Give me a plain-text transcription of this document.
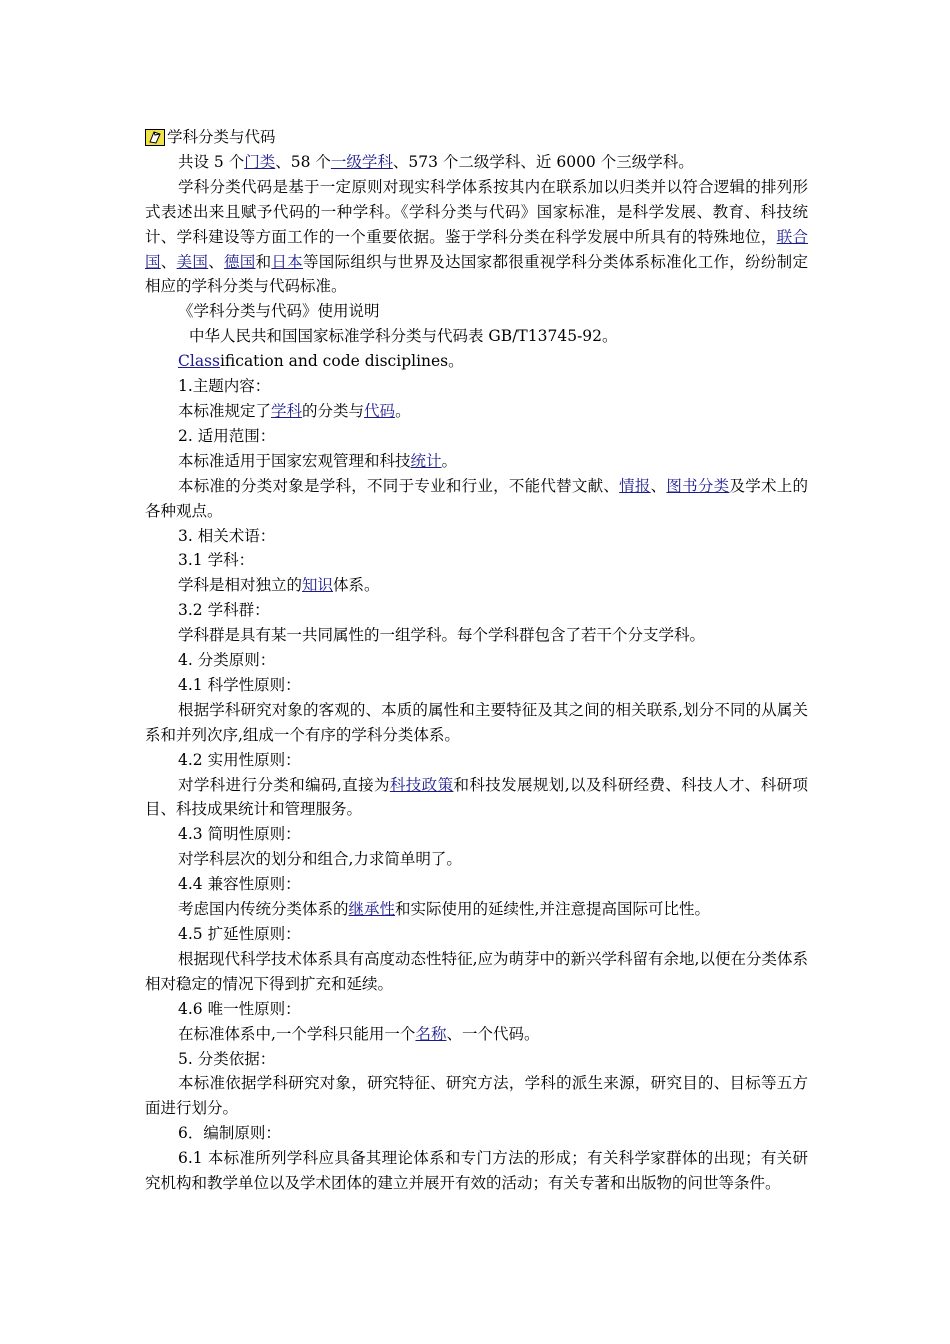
学科分类与代码

共设 5 个门类、58 个一级学科、573 个二级学科、近 6000 个三级学科。

学科分类代码是基于一定原则对现实科学体系按其内在联系加以归类并以符合逻辑的排列形式表述出来且赋予代码的一种学科。《学科分类与代码》国家标准，是科学发展、教育、科技统计、学科建设等方面工作的一个重要依据。鉴于学科分类在科学发展中所具有的特殊地位，联合国、美国、德国和日本等国际组织与世界及达国家都很重视学科分类体系标准化工作，纷纷制定相应的学科分类与代码标准。

《学科分类与代码》使用说明

中华人民共和国国家标准学科分类与代码表 GB/T13745-92。

Classification and code disciplines。

1.主题内容：

本标准规定了学科的分类与代码。

2. 适用范围：

本标准适用于国家宏观管理和科技统计。

本标准的分类对象是学科，不同于专业和行业，不能代替文献、情报、图书分类及学术上的各种观点。

3. 相关术语：

3.1 学科：

学科是相对独立的知识体系。

3.2 学科群：

学科群是具有某一共同属性的一组学科。每个学科群包含了若干个分支学科。

4. 分类原则：

4.1 科学性原则：

根据学科研究对象的客观的、本质的属性和主要特征及其之间的相关联系,划分不同的从属关系和并列次序,组成一个有序的学科分类体系。

4.2 实用性原则：

对学科进行分类和编码,直接为科技政策和科技发展规划,以及科研经费、科技人才、科研项目、科技成果统计和管理服务。

4.3 简明性原则：

对学科层次的划分和组合,力求简单明了。

4.4 兼容性原则：

考虑国内传统分类体系的继承性和实际使用的延续性,并注意提高国际可比性。

4.5 扩延性原则：

根据现代科学技术体系具有高度动态性特征,应为萌芽中的新兴学科留有余地,以便在分类体系相对稳定的情况下得到扩充和延续。

4.6 唯一性原则：

在标准体系中,一个学科只能用一个名称、一个代码。

5. 分类依据：

本标准依据学科研究对象，研究特征、研究方法，学科的派生来源，研究目的、目标等五方面进行划分。

6．编制原则：

6.1 本标准所列学科应具备其理论体系和专门方法的形成；有关科学家群体的出现；有关研究机构和教学单位以及学术团体的建立并展开有效的活动；有关专著和出版物的问世等条件。
